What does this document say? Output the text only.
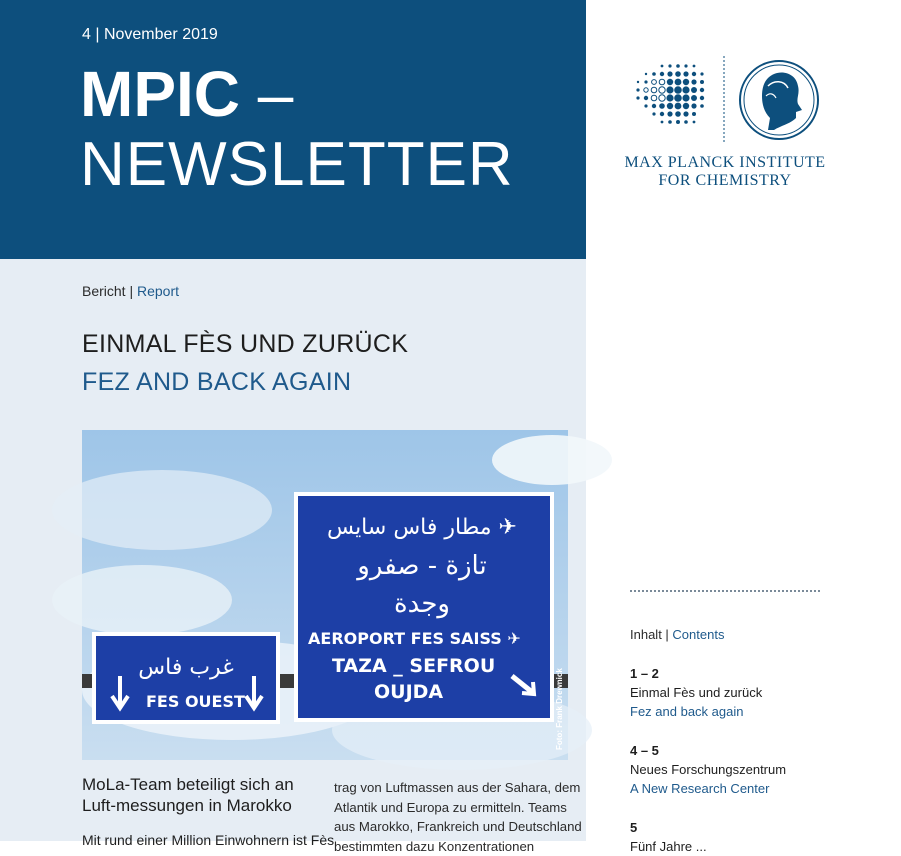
4 | November 2019
MPIC –
NEWSLETTER
Bericht | Report
EINMAL FÈS UND ZURÜCK
FEZ AND BACK AGAIN
✈ مطار فاس سايس
تازة - صفرو
وجدة
AEROPORT FES SAISS ✈
TAZA _ SEFROU
OUJDA
غرب فاس
FES OUEST	Foto: Frank Drewnick
MoLa-Team beteiligt sich an Luft-messungen in Marokko
Mit rund einer Million Einwohnern ist Fès
trag von Luftmassen aus der Sahara, dem
Atlantik und Europa zu ermitteln. Teams
aus Marokko, Frankreich und Deutschland
bestimmten dazu Konzentrationen
MAX PLANCK INSTITUTE
FOR CHEMISTRY
Inhalt | Contents
1 – 2
Einmal Fès und zurück
Fez and back again
4 – 5
Neues Forschungszentrum
A New Research Center
5
Fünf Jahre ...
